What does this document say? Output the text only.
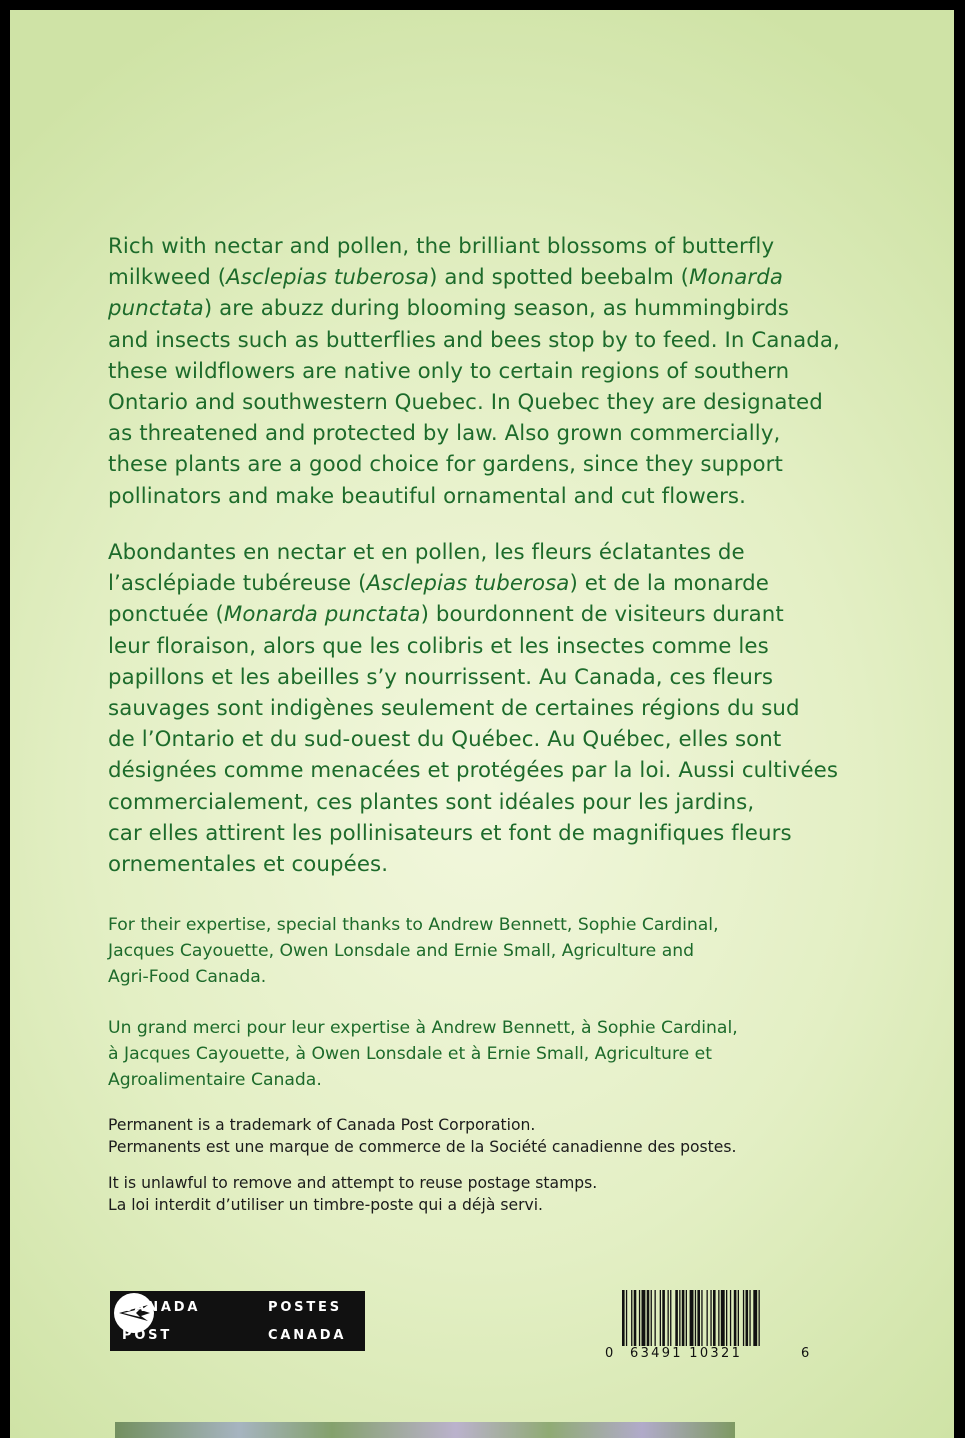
Rich with nectar and pollen, the brilliant blossoms of butterfly
milkweed (Asclepias tuberosa) and spotted beebalm (Monarda
punctata) are abuzz during blooming season, as hummingbirds
and insects such as butterflies and bees stop by to feed. In Canada,
these wildflowers are native only to certain regions of southern
Ontario and southwestern Quebec. In Quebec they are designated
as threatened and protected by law. Also grown commercially,
these plants are a good choice for gardens, since they support
pollinators and make beautiful ornamental and cut flowers.

Abondantes en nectar et en pollen, les fleurs éclatantes de
l’asclépiade tubéreuse (Asclepias tuberosa) et de la monarde
ponctuée (Monarda punctata) bourdonnent de visiteurs durant
leur floraison, alors que les colibris et les insectes comme les
papillons et les abeilles s’y nourrissent. Au Canada, ces fleurs
sauvages sont indigènes seulement de certaines régions du sud
de l’Ontario et du sud-ouest du Québec. Au Québec, elles sont
désignées comme menacées et protégées par la loi. Aussi cultivées
commercialement, ces plantes sont idéales pour les jardins,
car elles attirent les pollinisateurs et font de magnifiques fleurs
ornementales et coupées.

For their expertise, special thanks to Andrew Bennett, Sophie Cardinal,
Jacques Cayouette, Owen Lonsdale and Ernie Small, Agriculture and
Agri-Food Canada.

Un grand merci pour leur expertise à Andrew Bennett, à Sophie Cardinal,
à Jacques Cayouette, à Owen Lonsdale et à Ernie Small, Agriculture et
Agroalimentaire Canada.

Permanent is a trademark of Canada Post Corporation.
Permanents est une marque de commerce de la Société canadienne des postes.

It is unlawful to remove and attempt to reuse postage stamps.
La loi interdit d’utiliser un timbre-poste qui a déjà servi.

CANADA
POST
POSTES
CANADA
0 63491 10321	6
